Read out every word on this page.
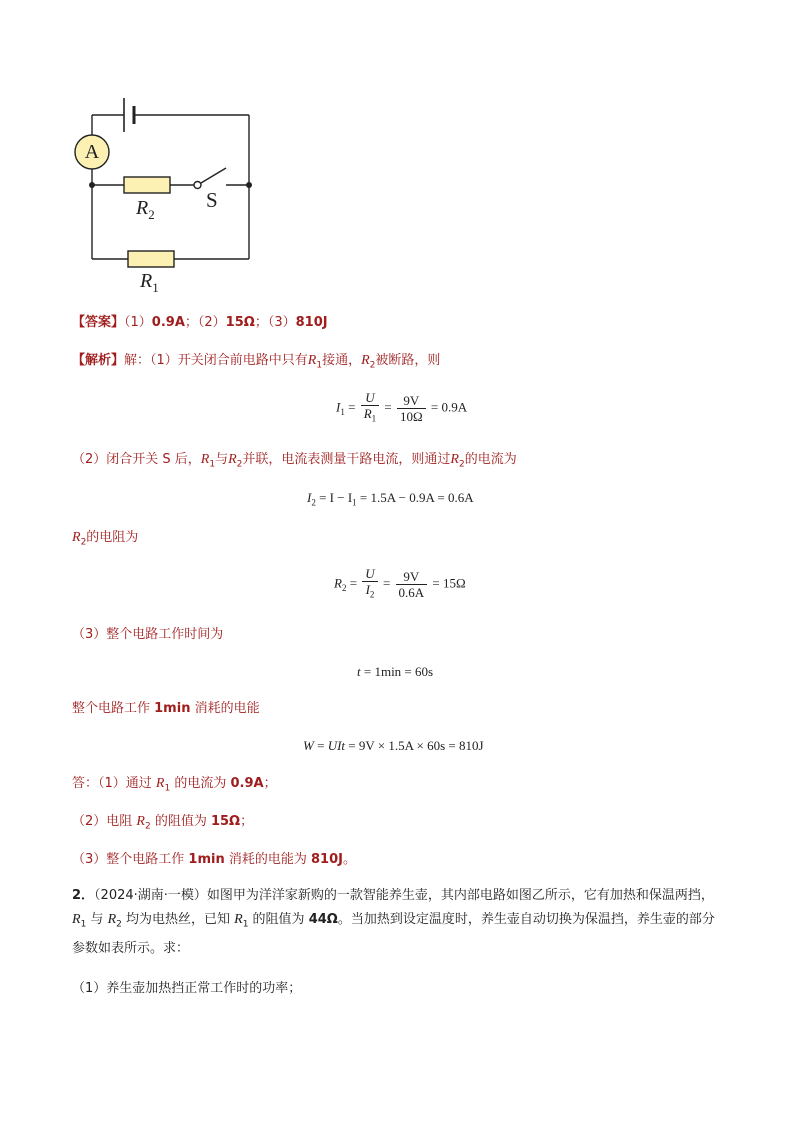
A
$R_2$
S
$R_1$
【答案】（1）0.9A；（2）15Ω；（3）810J
【解析】解：（1）开关闭合前电路中只有$R_1$接通，$R_2$被断路，则
$I_1 = \frac{U}{R_1} = \frac{9V}{10\Omega} = 0.9A$
（2）闭合开关 S 后，$R_1$与$R_2$并联，电流表测量干路电流，则通过$R_2$的电流为
$I_2 = I - I_1 = 1.5A - 0.9A = 0.6A$
$R_2$的电阻为
$R_2 = \frac{U}{I_2} = \frac{9V}{0.6A} = 15\Omega$
（3）整个电路工作时间为
t = 1min = 60s
整个电路工作 1min 消耗的电能
W = UIt = 9V × 1.5A × 60s = 810J
答：（1）通过 $R_1$ 的电流为 0.9A；
（2）电阻 $R_2$ 的阻值为 15Ω；
（3）整个电路工作 1min 消耗的电能为 810J。
2．（2024·湖南·一模）如图甲为洋洋家新购的一款智能养生壶，其内部电路如图乙所示，它有加热和保温两挡，$R_1$ 与 $R_2$ 均为电热丝，已知 $R_1$ 的阻值为 44Ω。当加热到设定温度时，养生壶自动切换为保温挡，养生壶的部分参数如表所示。求：
（1）养生壶加热挡正常工作时的功率；
